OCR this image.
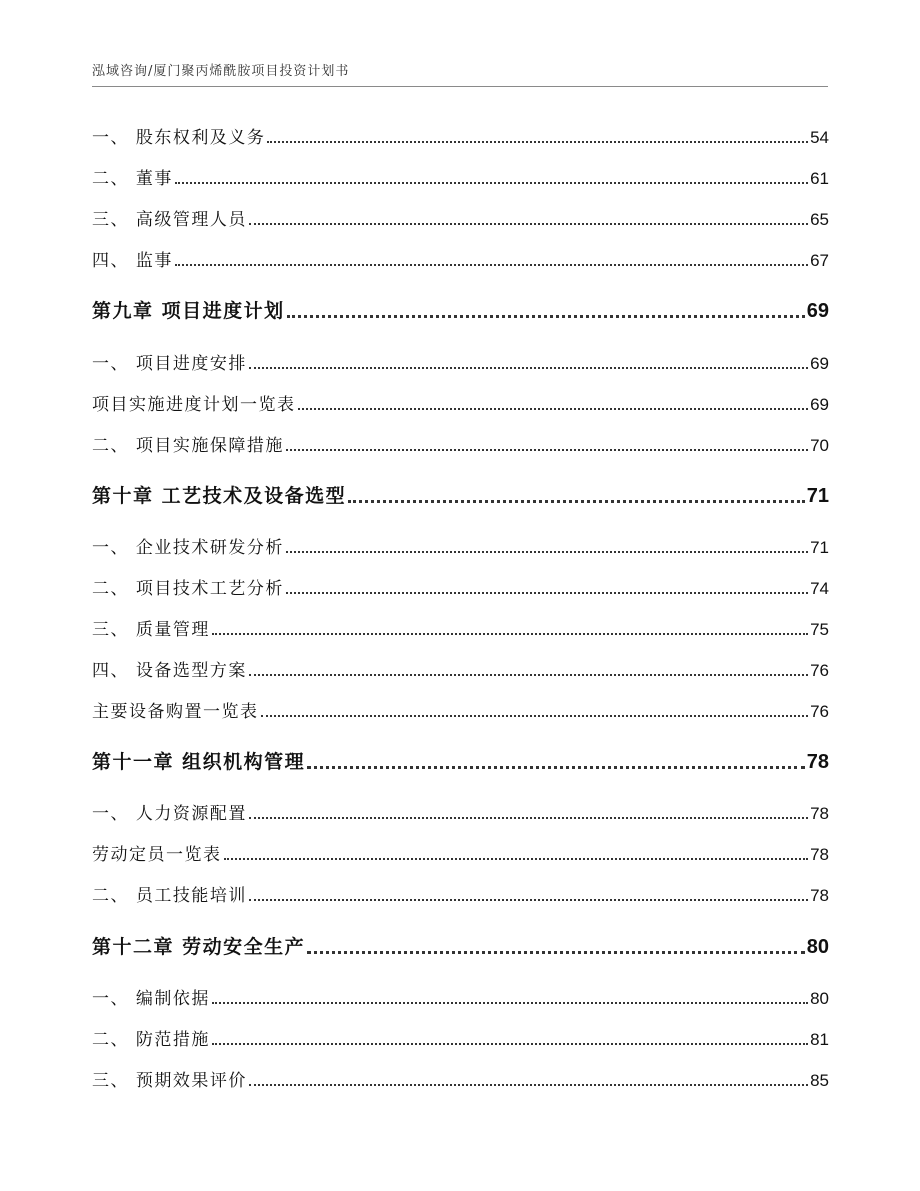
泓域咨询/厦门聚丙烯酰胺项目投资计划书
一、 股东权利及义务	54
二、 董事	61
三、 高级管理人员	65
四、 监事	67
第九章 项目进度计划	69
一、 项目进度安排	69
项目实施进度计划一览表	69
二、 项目实施保障措施	70
第十章 工艺技术及设备选型	71
一、 企业技术研发分析	71
二、 项目技术工艺分析	74
三、 质量管理	75
四、 设备选型方案	76
主要设备购置一览表	76
第十一章 组织机构管理	78
一、 人力资源配置	78
劳动定员一览表	78
二、 员工技能培训	78
第十二章 劳动安全生产	80
一、 编制依据	80
二、 防范措施	81
三、 预期效果评价	85
